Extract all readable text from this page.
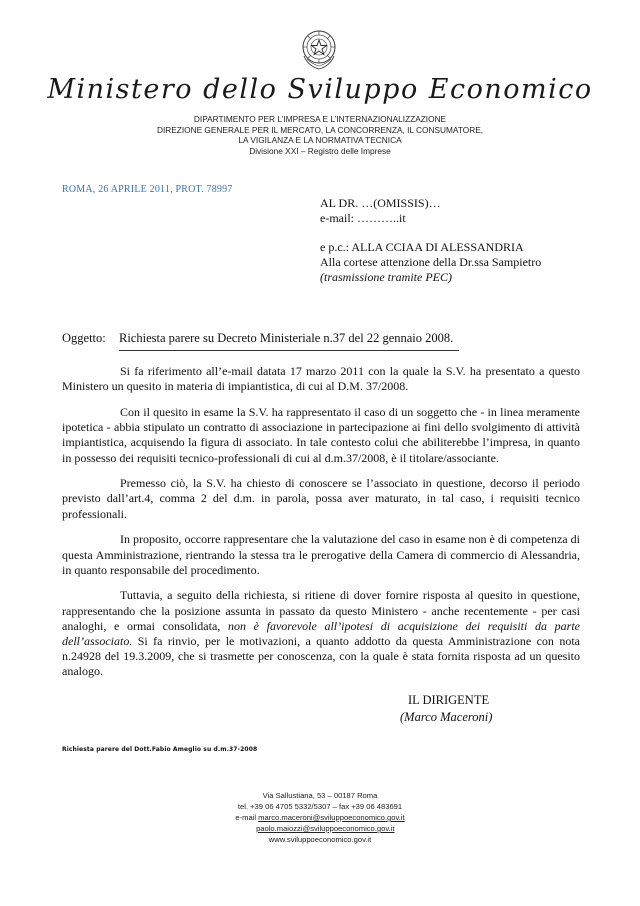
Ministero dello Sviluppo Economico
DIPARTIMENTO PER L’IMPRESA E L’INTERNAZIONALIZZAZIONE
DIREZIONE GENERALE PER IL MERCATO, LA CONCORRENZA, IL CONSUMATORE,
LA VIGILANZA E LA NORMATIVA TECNICA
Divisione XXI – Registro delle Imprese
ROMA, 26 APRILE 2011, PROT. 78997
AL DR. …(OMISSIS)…
e-mail: ………..it
e p.c.: ALLA CCIAA DI ALESSANDRIA
Alla cortese attenzione della Dr.ssa Sampietro
(trasmissione tramite PEC)
Oggetto: Richiesta parere su Decreto Ministeriale n.37 del 22 gennaio 2008.

Si fa riferimento all’e-mail datata 17 marzo 2011 con la quale la S.V. ha presentato a questo Ministero un quesito in materia di impiantistica, di cui al D.M. 37/2008.

Con il quesito in esame la S.V. ha rappresentato il caso di un soggetto che - in linea meramente ipotetica - abbia stipulato un contratto di associazione in partecipazione ai fini dello svolgimento di attività impiantistica, acquisendo la figura di associato. In tale contesto colui che abiliterebbe l’impresa, in quanto in possesso dei requisiti tecnico-professionali di cui al d.m.37/2008, è il titolare/associante.

Premesso ciò, la S.V. ha chiesto di conoscere se l’associato in questione, decorso il periodo previsto dall’art.4, comma 2 del d.m. in parola, possa aver maturato, in tal caso, i requisiti tecnico professionali.

In proposito, occorre rappresentare che la valutazione del caso in esame non è di competenza di questa Amministrazione, rientrando la stessa tra le prerogative della Camera di commercio di Alessandria, in quanto responsabile del procedimento.

Tuttavia, a seguito della richiesta, si ritiene di dover fornire risposta al quesito in questione, rappresentando che la posizione assunta in passato da questo Ministero - anche recentemente - per casi analoghi, e ormai consolidata, non è favorevole all’ipotesi di acquisizione dei requisiti da parte dell’associato. Si fa rinvio, per le motivazioni, a quanto addotto da questa Amministrazione con nota n.24928 del 19.3.2009, che si trasmette per conoscenza, con la quale è stata fornita risposta ad un quesito analogo.

IL DIRIGENTE
(Marco Maceroni)
Richiesta parere del Dott.Fabio Ameglio su d.m.37-2008
Via Sallustiana, 53 – 00187 Roma
tel. +39 06 4705 5332/5307 – fax +39 06 483691
e-mail marco.maceroni@sviluppoeconomico.gov.it
paolo.maiozzi@sviluppoeconomico.gov.it
www.sviluppoeconomico.gov.it
